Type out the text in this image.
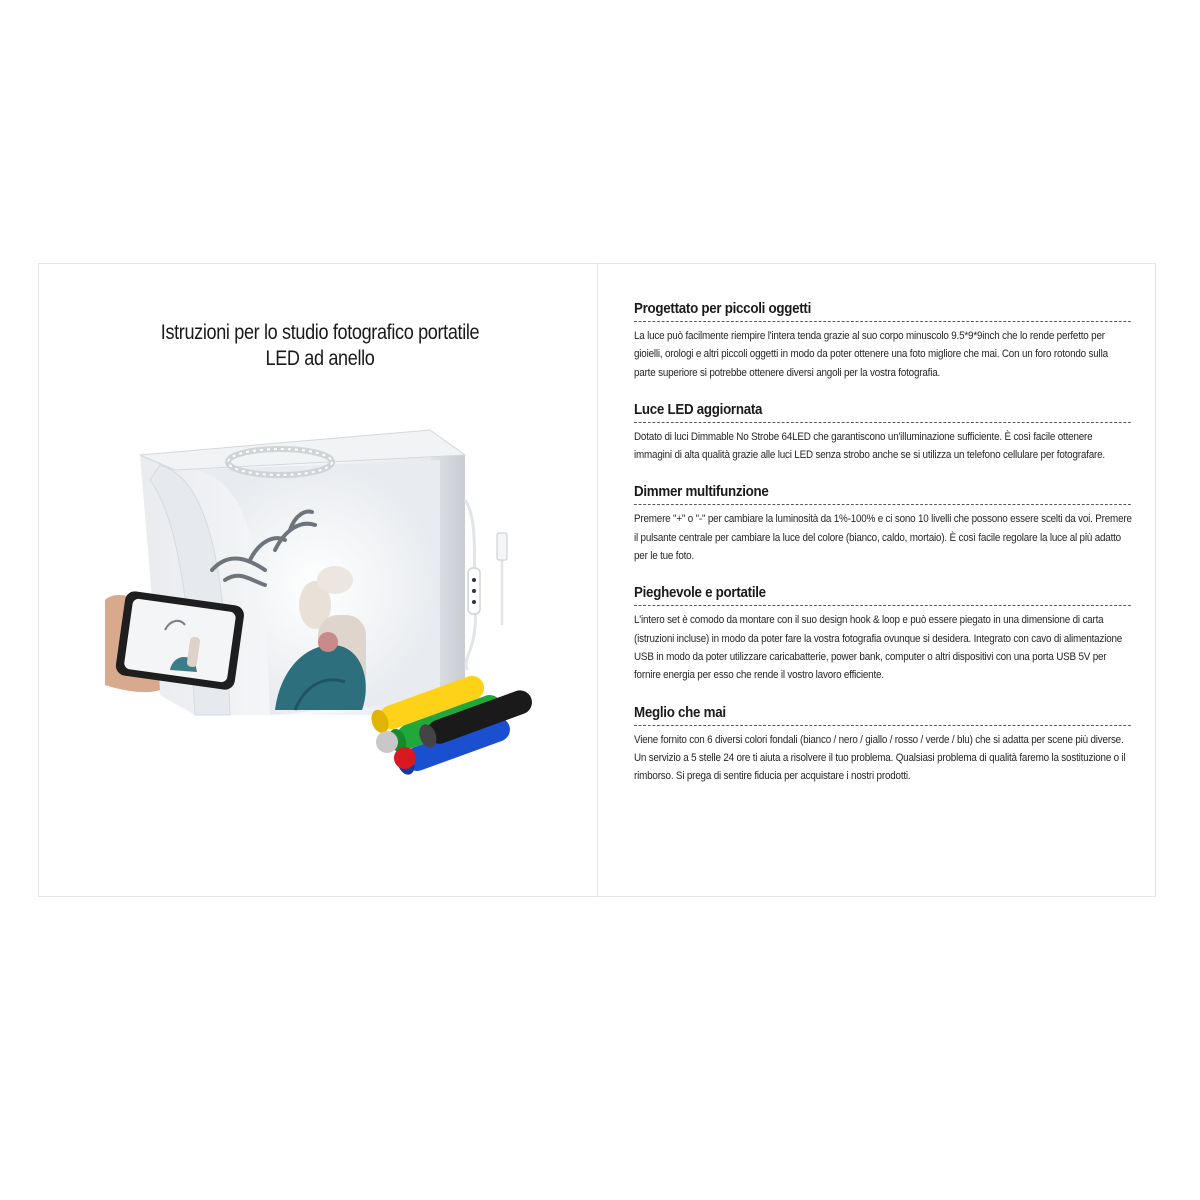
Istruzioni per lo studio fotografico portatile
LED ad anello
Progettato per piccoli oggetti

La luce può facilmente riempire l'intera tenda grazie al suo corpo minuscolo 9.5*9*9inch che lo rende perfetto per gioielli, orologi e altri piccoli oggetti in modo da poter ottenere una foto migliore che mai. Con un foro rotondo sulla parte superiore si potrebbe ottenere diversi angoli per la vostra fotografia.

Luce LED aggiornata

Dotato di luci Dimmable No Strobe 64LED che garantiscono un'illuminazione sufficiente. È così facile ottenere immagini di alta qualità grazie alle luci LED senza strobo anche se si utilizza un telefono cellulare per fotografare.

Dimmer multifunzione

Premere "+" o "-" per cambiare la luminosità da 1%-100% e ci sono 10 livelli che possono essere scelti da voi. Premere il pulsante centrale per cambiare la luce del colore (bianco, caldo, mortaio). È così facile regolare la luce al più adatto per le tue foto.

Pieghevole e portatile

L'intero set è comodo da montare con il suo design hook & loop e può essere piegato in una dimensione di carta (istruzioni incluse) in modo da poter fare la vostra fotografia ovunque si desidera. Integrato con cavo di alimentazione USB in modo da poter utilizzare caricabatterie, power bank, computer o altri dispositivi con una porta USB 5V per fornire energia per esso che rende il vostro lavoro efficiente.

Meglio che mai

Viene fornito con 6 diversi colori fondali (bianco / nero / giallo / rosso / verde / blu) che si adatta per scene più diverse. Un servizio a 5 stelle 24 ore ti aiuta a risolvere il tuo problema. Qualsiasi problema di qualità faremo la sostituzione o il rimborso. Si prega di sentire fiducia per acquistare i nostri prodotti.
